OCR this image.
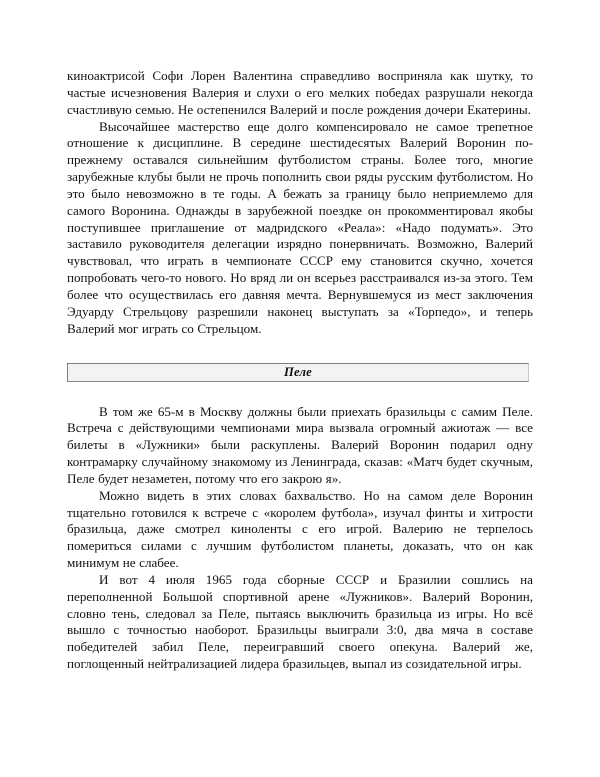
киноактрисой Софи Лорен Валентина справедливо восприняла как шутку, то частые исчезновения Валерия и слухи о его мелких победах разрушали некогда счастливую семью. Не остепенился Валерий и после рождения дочери Екатерины.

Высочайшее мастерство еще долго компенсировало не самое трепетное отношение к дисциплине. В середине шестидесятых Валерий Воронин по-прежнему оставался сильнейшим футболистом страны. Более того, многие зарубежные клубы были не прочь пополнить свои ряды русским футболистом. Но это было невозможно в те годы. А бежать за границу было неприемлемо для самого Воронина. Однажды в зарубежной поездке он прокомментировал якобы поступившее приглашение от мадридского «Реала»: «Надо подумать». Это заставило руководителя делегации изрядно понервничать. Возможно, Валерий чувствовал, что играть в чемпионате СССР ему становится скучно, хочется попробовать чего-то нового. Но вряд ли он всерьез расстраивался из-за этого. Тем более что осуществилась его давняя мечта. Вернувшемуся из мест заключения Эдуарду Стрельцову разрешили наконец выступать за «Торпедо», и теперь Валерий мог играть со Стрельцом.

Пеле

В том же 65-м в Москву должны были приехать бразильцы с самим Пеле. Встреча с действующими чемпионами мира вызвала огромный ажиотаж — все билеты в «Лужники» были раскуплены. Валерий Воронин подарил одну контрамарку случайному знакомому из Ленинграда, сказав: «Матч будет скучным, Пеле будет незаметен, потому что его закрою я».

Можно видеть в этих словах бахвальство. Но на самом деле Воронин тщательно готовился к встрече с «королем футбола», изучал финты и хитрости бразильца, даже смотрел киноленты с его игрой. Валерию не терпелось помериться силами с лучшим футболистом планеты, доказать, что он как минимум не слабее.

И вот 4 июля 1965 года сборные СССР и Бразилии сошлись на переполненной Большой спортивной арене «Лужников». Валерий Воронин, словно тень, следовал за Пеле, пытаясь выключить бразильца из игры. Но всё вышло с точностью наоборот. Бразильцы выиграли 3:0, два мяча в составе победителей забил Пеле, переигравший своего опекуна. Валерий же, поглощенный нейтрализацией лидера бразильцев, выпал из созидательной игры.
